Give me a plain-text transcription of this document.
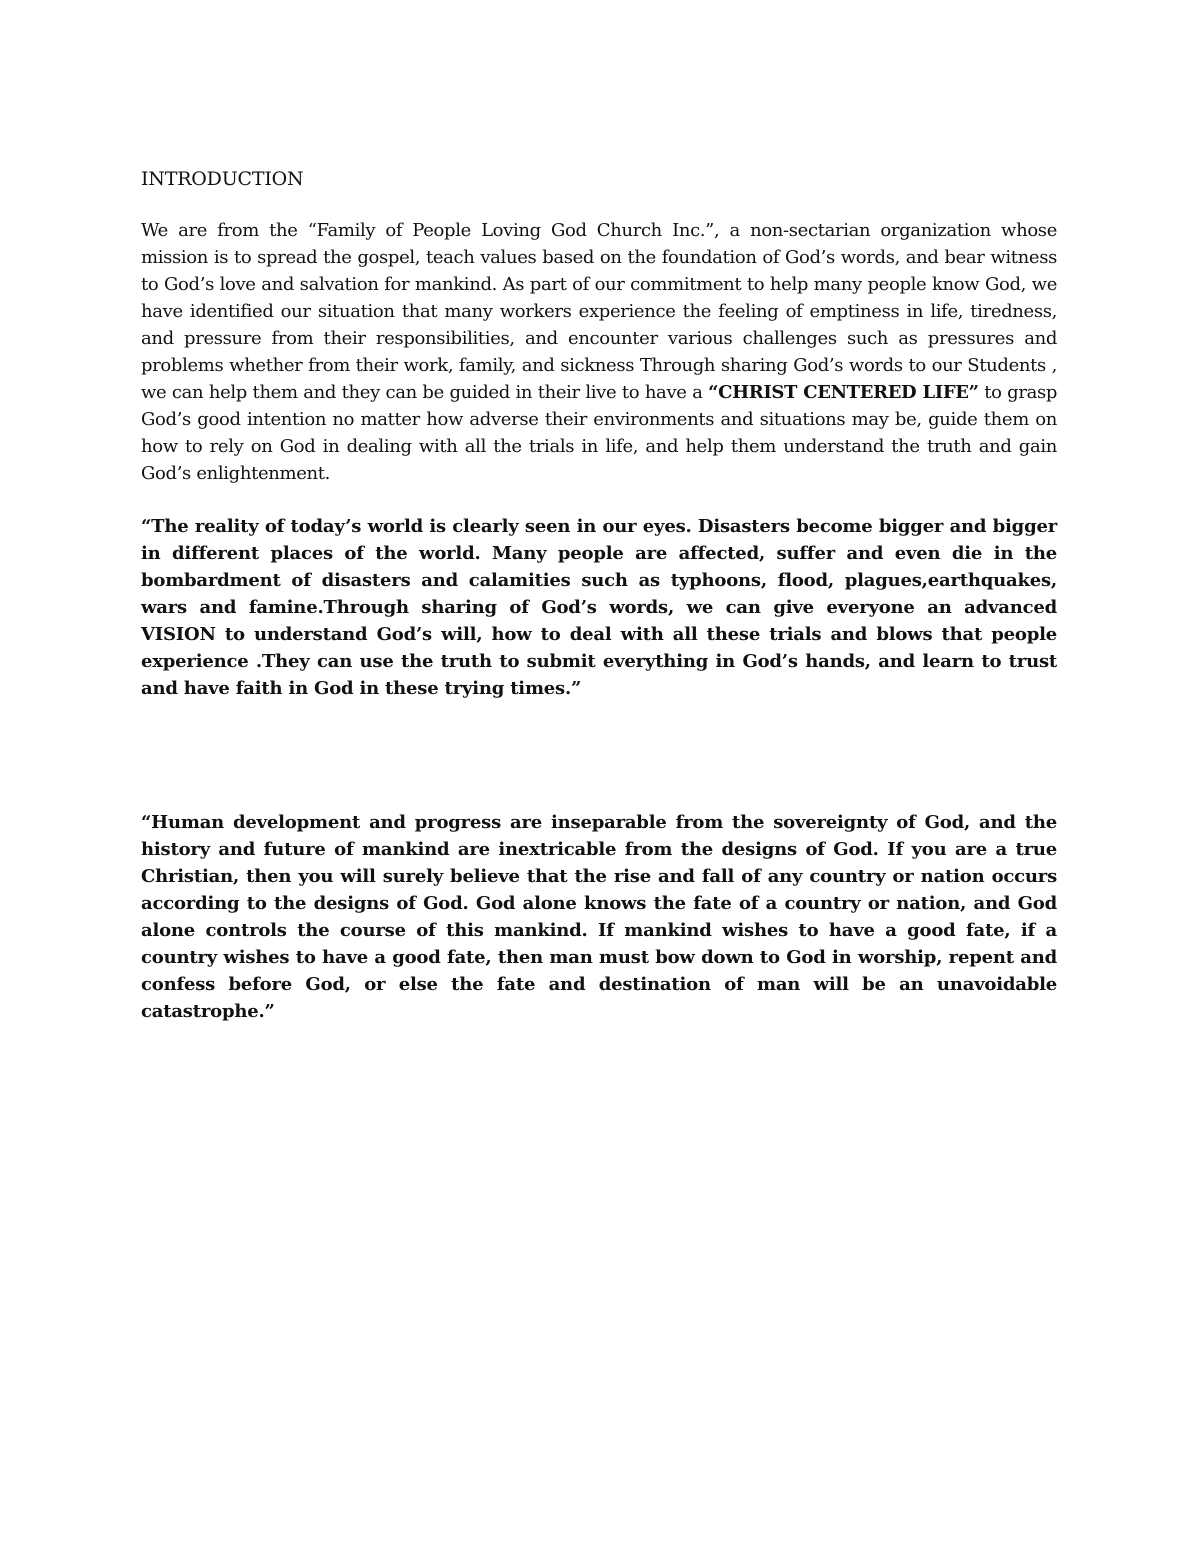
INTRODUCTION

We are from the “Family of People Loving God Church Inc.”, a non-sectarian organization whose mission is to spread the gospel, teach values based on the foundation of God’s words, and bear witness to God’s love and salvation for mankind. As part of our commitment to help many people know God, we have identified our situation that many workers experience the feeling of emptiness in life, tiredness, and pressure from their responsibilities, and encounter various challenges such as pressures and problems whether from their work, family, and sickness Through sharing God’s words to our Students , we can help them and they can be guided in their live to have a “CHRIST CENTERED LIFE” to grasp God’s good intention no matter how adverse their environments and situations may be, guide them on how to rely on God in dealing with all the trials in life, and help them understand the truth and gain God’s enlightenment.

“The reality of today’s world is clearly seen in our eyes. Disasters become bigger and bigger in different places of the world. Many people are affected, suffer and even die in the bombardment of disasters and calamities such as typhoons, flood, plagues,earthquakes, wars and famine.Through sharing of God’s words, we can give everyone an advanced VISION to understand God’s will, how to deal with all these trials and blows that people experience .They can use the truth to submit everything in God’s hands, and learn to trust and have faith in God in these trying times.”

“Human development and progress are inseparable from the sovereignty of God, and the history and future of mankind are inextricable from the designs of God. If you are a true Christian, then you will surely believe that the rise and fall of any country or nation occurs according to the designs of God. God alone knows the fate of a country or nation, and God alone controls the course of this mankind. If mankind wishes to have a good fate, if a country wishes to have a good fate, then man must bow down to God in worship, repent and confess before God, or else the fate and destination of man will be an unavoidable catastrophe.”
